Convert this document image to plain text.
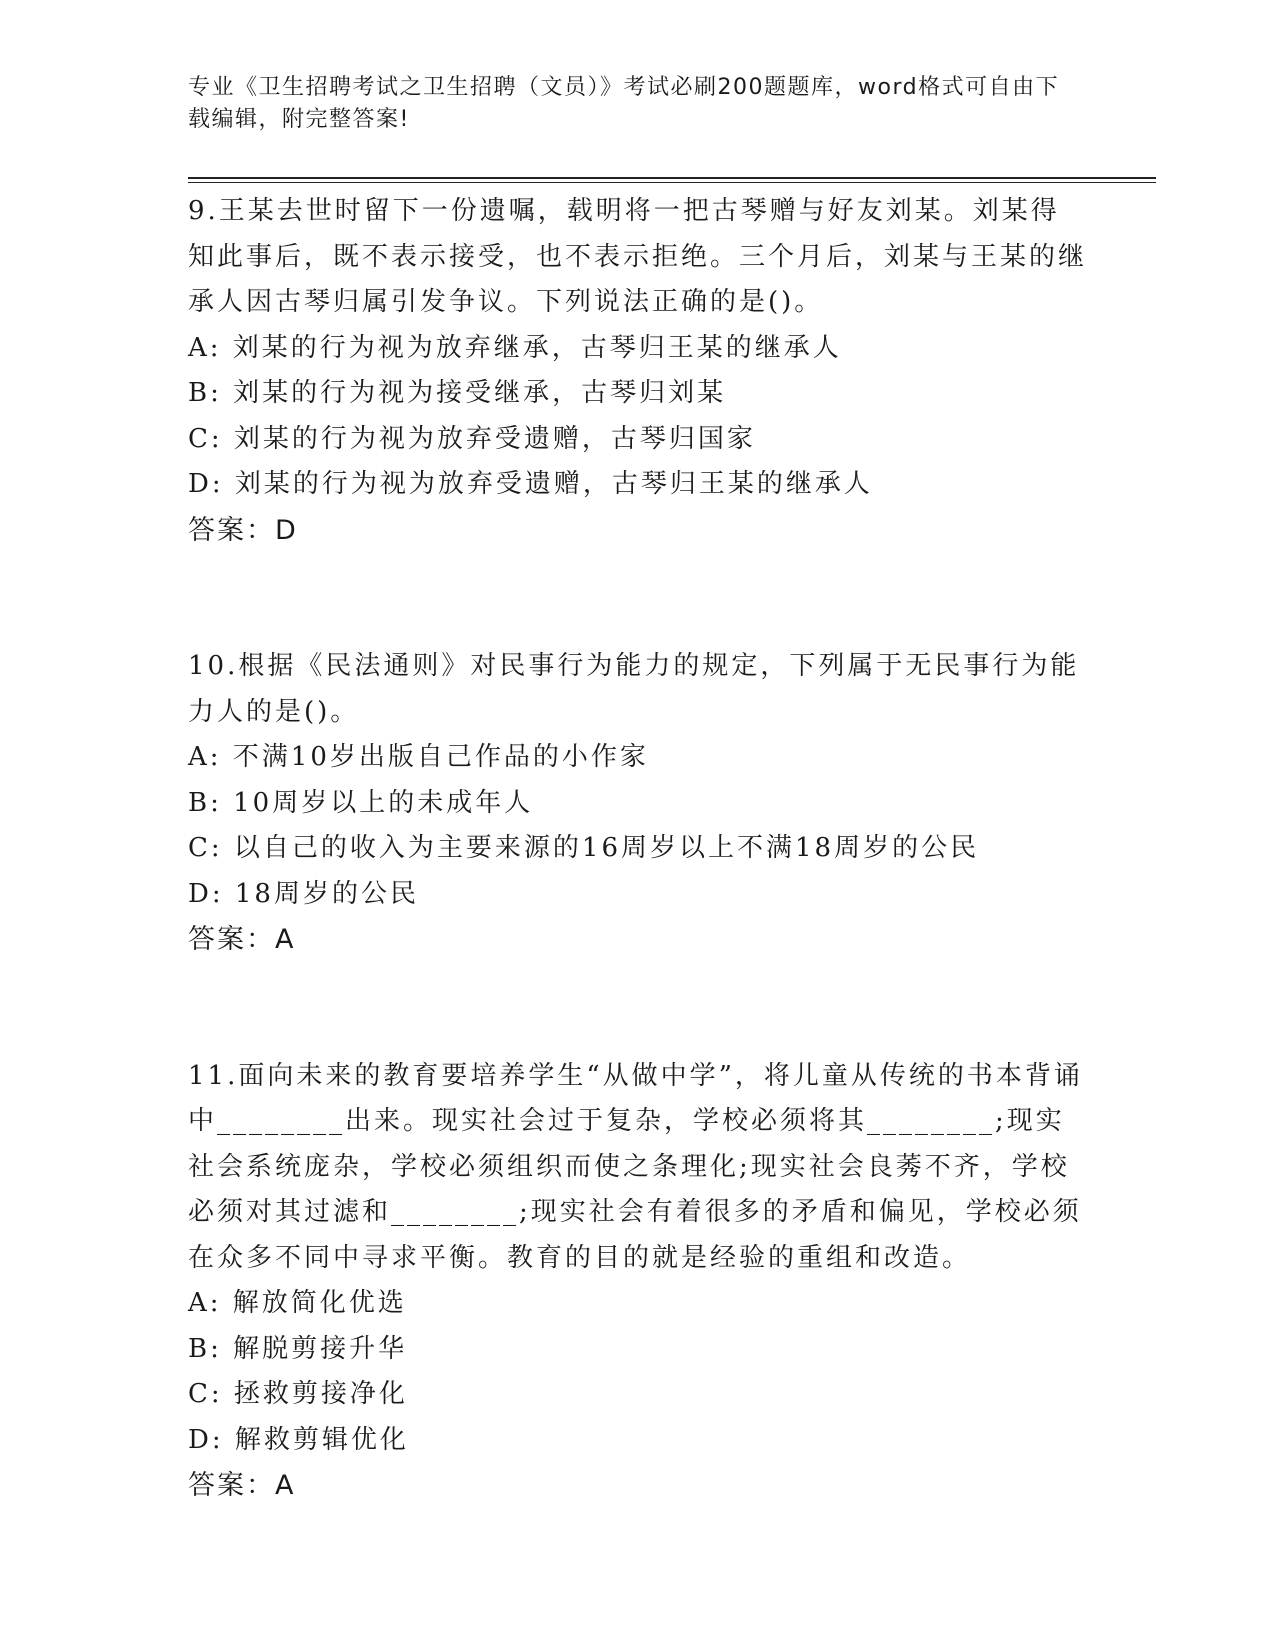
专业《卫生招聘考试之卫生招聘（文员）》考试必刷200题题库，word格式可自由下载编辑，附完整答案!
9.王某去世时留下一份遗嘱，载明将一把古琴赠与好友刘某。刘某得知此事后，既不表示接受，也不表示拒绝。三个月后，刘某与王某的继承人因古琴归属引发争议。下列说法正确的是()。
A: 刘某的行为视为放弃继承，古琴归王某的继承人
B: 刘某的行为视为接受继承，古琴归刘某
C: 刘某的行为视为放弃受遗赠，古琴归国家
D: 刘某的行为视为放弃受遗赠，古琴归王某的继承人
答案：D
10.根据《民法通则》对民事行为能力的规定，下列属于无民事行为能力人的是()。
A: 不满10岁出版自己作品的小作家
B: 10周岁以上的未成年人
C: 以自己的收入为主要来源的16周岁以上不满18周岁的公民
D: 18周岁的公民
答案：A
11.面向未来的教育要培养学生“从做中学”，将儿童从传统的书本背诵中________出来。现实社会过于复杂，学校必须将其________;现实社会系统庞杂，学校必须组织而使之条理化;现实社会良莠不齐，学校必须对其过滤和________;现实社会有着很多的矛盾和偏见，学校必须在众多不同中寻求平衡。教育的目的就是经验的重组和改造。
A: 解放简化优选
B: 解脱剪接升华
C: 拯救剪接净化
D: 解救剪辑优化
答案：A
